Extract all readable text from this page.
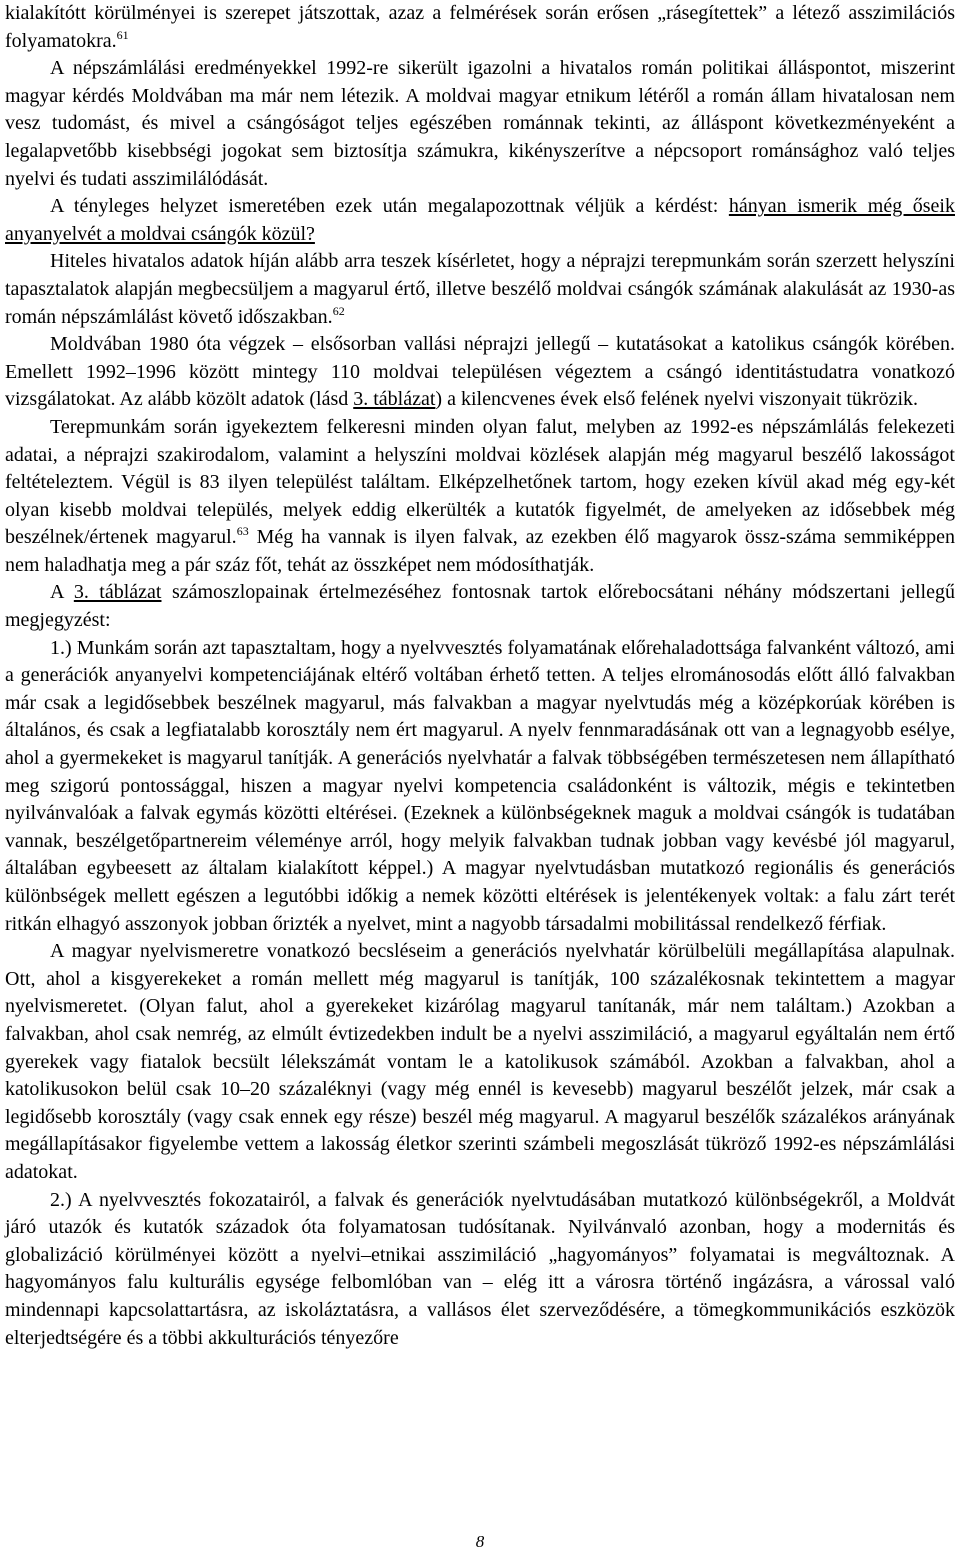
kialakítótt körülményei is szerepet játszottak, azaz a felmérések során erősen „rásegítettek” a létező asszimilációs folyamatokra.$^{61}$

A népszámlálási eredményekkel 1992-re sikerült igazolni a hivatalos román politikai álláspontot, miszerint magyar kérdés Moldvában ma már nem létezik. A moldvai magyar etnikum létéről a román állam hivatalosan nem vesz tudomást, és mivel a csángóságot teljes egészében románnak tekinti, az álláspont következményeként a legalapvetőbb kisebbségi jogokat sem biztosítja számukra, kikényszerítve a népcsoport románsághoz való teljes nyelvi és tudati asszimilálódását.

A tényleges helyzet ismeretében ezek után megalapozottnak véljük a kérdést: hányan ismerik még őseik anyanyelvét a moldvai csángók közül?

Hiteles hivatalos adatok híján alább arra teszek kísérletet, hogy a néprajzi terepmunkám során szerzett helyszíni tapasztalatok alapján megbecsüljem a magyarul értő, illetve beszélő moldvai csángók számának alakulását az 1930-as román népszámlálást követő időszakban.$^{62}$

Moldvában 1980 óta végzek – elsősorban vallási néprajzi jellegű – kutatásokat a katolikus csángók körében. Emellett 1992–1996 között mintegy 110 moldvai településen végeztem a csángó identitástudatra vonatkozó vizsgálatokat. Az alább közölt adatok (lásd 3. táblázat) a kilencvenes évek első felének nyelvi viszonyait tükrözik.

Terepmunkám során igyekeztem felkeresni minden olyan falut, melyben az 1992-es népszámlálás felekezeti adatai, a néprajzi szakirodalom, valamint a helyszíni moldvai közlések alapján még magyarul beszélő lakosságot feltételeztem. Végül is 83 ilyen települést találtam. Elképzelhetőnek tartom, hogy ezeken kívül akad még egy-két olyan kisebb moldvai település, melyek eddig elkerülték a kutatók figyelmét, de amelyeken az idősebbek még beszélnek/értenek magyarul.$^{63}$ Még ha vannak is ilyen falvak, az ezekben élő magyarok össz-száma semmiképpen nem haladhatja meg a pár száz főt, tehát az összképet nem módosíthatják.

A 3. táblázat számoszlopainak értelmezéséhez fontosnak tartok előrebocsátani néhány módszertani jellegű megjegyzést:

1.) Munkám során azt tapasztaltam, hogy a nyelvvesztés folyamatának előrehaladottsága falvanként változó, ami a generációk anyanyelvi kompetenciájának eltérő voltában érhető tetten. A teljes elrománosodás előtt álló falvakban már csak a legidősebbek beszélnek magyarul, más falvakban a magyar nyelvtudás még a középkorúak körében is általános, és csak a legfiatalabb korosztály nem ért magyarul. A nyelv fennmaradásának ott van a legnagyobb esélye, ahol a gyermekeket is magyarul tanítják. A generációs nyelvhatár a falvak többségében természetesen nem állapítható meg szigorú pontossággal, hiszen a magyar nyelvi kompetencia családonként is változik, mégis e tekintetben nyilvánvalóak a falvak egymás közötti eltérései. (Ezeknek a különbségeknek maguk a moldvai csángók is tudatában vannak, beszélgetőpartnereim véleménye arról, hogy melyik falvakban tudnak jobban vagy kevésbé jól magyarul, általában egybeesett az általam kialakított képpel.) A magyar nyelvtudásban mutatkozó regionális és generációs különbségek mellett egészen a legutóbbi időkig a nemek közötti eltérések is jelentékenyek voltak: a falu zárt terét ritkán elhagyó asszonyok jobban őrizték a nyelvet, mint a nagyobb társadalmi mobilitással rendelkező férfiak.

A magyar nyelvismeretre vonatkozó becsléseim a generációs nyelvhatár körülbelüli megállapítása alapulnak. Ott, ahol a kisgyerekeket a román mellett még magyarul is tanítják, 100 százalékosnak tekintettem a magyar nyelvismeretet. (Olyan falut, ahol a gyerekeket kizárólag magyarul tanítanák, már nem találtam.) Azokban a falvakban, ahol csak nemrég, az elmúlt évtizedekben indult be a nyelvi asszimiláció, a magyarul egyáltalán nem értő gyerekek vagy fiatalok becsült lélekszámát vontam le a katolikusok számából. Azokban a falvakban, ahol a katolikusokon belül csak 10–20 százaléknyi (vagy még ennél is kevesebb) magyarul beszélőt jelzek, már csak a legidősebb korosztály (vagy csak ennek egy része) beszél még magyarul. A magyarul beszélők százalékos arányának megállapításakor figyelembe vettem a lakosság életkor szerinti számbeli megoszlását tükröző 1992-es népszámlálási adatokat.

2.) A nyelvvesztés fokozatairól, a falvak és generációk nyelvtudásában mutatkozó különbségekről, a Moldvát járó utazók és kutatók századok óta folyamatosan tudósítanak. Nyilvánvaló azonban, hogy a modernitás és globalizáció körülményei között a nyelvi–etnikai asszimiláció „hagyományos” folyamatai is megváltoznak. A hagyományos falu kulturális egysége felbomlóban van – elég itt a városra történő ingázásra, a várossal való mindennapi kapcsolattartásra, az iskoláztatásra, a vallásos élet szerveződésére, a tömegkommunikációs eszközök elterjedtségére és a többi akkulturációs tényezőre

8
